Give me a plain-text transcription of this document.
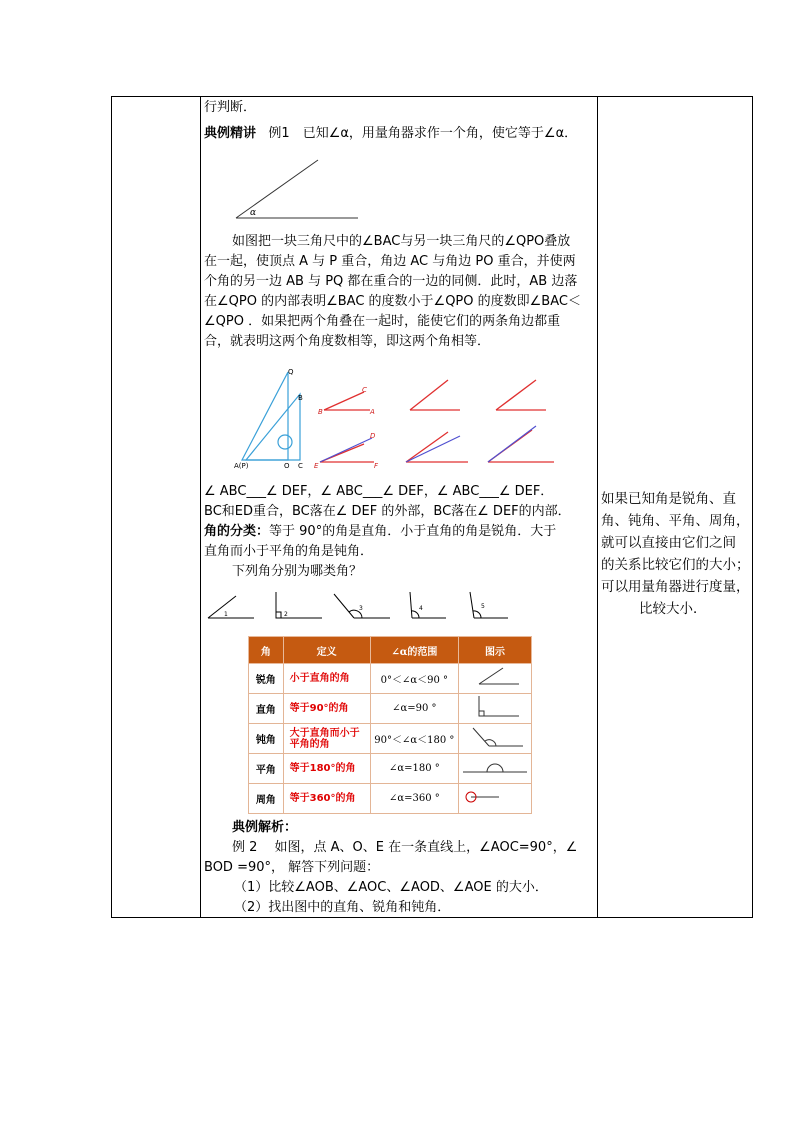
行判断．
典例精讲 例1　已知∠α，用量角器求作一个角，使它等于∠α．
α
如图把一块三角尺中的∠BAC与另一块三角尺的∠QPO叠放
在一起，使顶点 A 与 P 重合，角边 AC 与角边 PO 重合，并使两
个角的另一边 AB 与 PQ 都在重合的一边的同侧．此时，AB 边落
在∠QPO 的内部表明∠BAC 的度数小于∠QPO 的度数即∠BAC＜
∠QPO ．如果把两个角叠在一起时，能使它们的两条角边都重
合，就表明这两个角度数相等，即这两个角相等．
Q
B
A(P)	O C
B
C
A
E
D
F
∠ ABC___∠ DEF，∠ ABC___∠ DEF，∠ ABC___∠ DEF．
BC和ED重合，BC落在∠ DEF 的外部，BC落在∠ DEF的内部．
角的分类：等于 90°的角是直角．小于直角的角是锐角．大于
直角而小于平角的角是钝角．
下列角分别为哪类角？
1	2
3	4	5
角	定义	∠α的范围	图示
锐角	小于直角的角	0°＜∠α＜90 °	
直角	等于90°的角	∠α=90 °	
钝角	大于直角而小于平角的角	90°＜∠α＜180 °	
平角	等于180°的角	∠α=180 °	
周角	等于360°的角	∠α=360 °	
典例解析：
例 2　 如图，点 A、O、E 在一条直线上，∠AOC=90°，∠
BOD =90°， 解答下列问题：
（1）比较∠AOB、∠AOC、∠AOD、∠AOE 的大小．
（2）找出图中的直角、锐角和钝角．
如果已知角是锐角、直
角、钝角、平角、周角，
就可以直接由它们之间
的关系比较它们的大小；
可以用量角器进行度量，
比较大小．
